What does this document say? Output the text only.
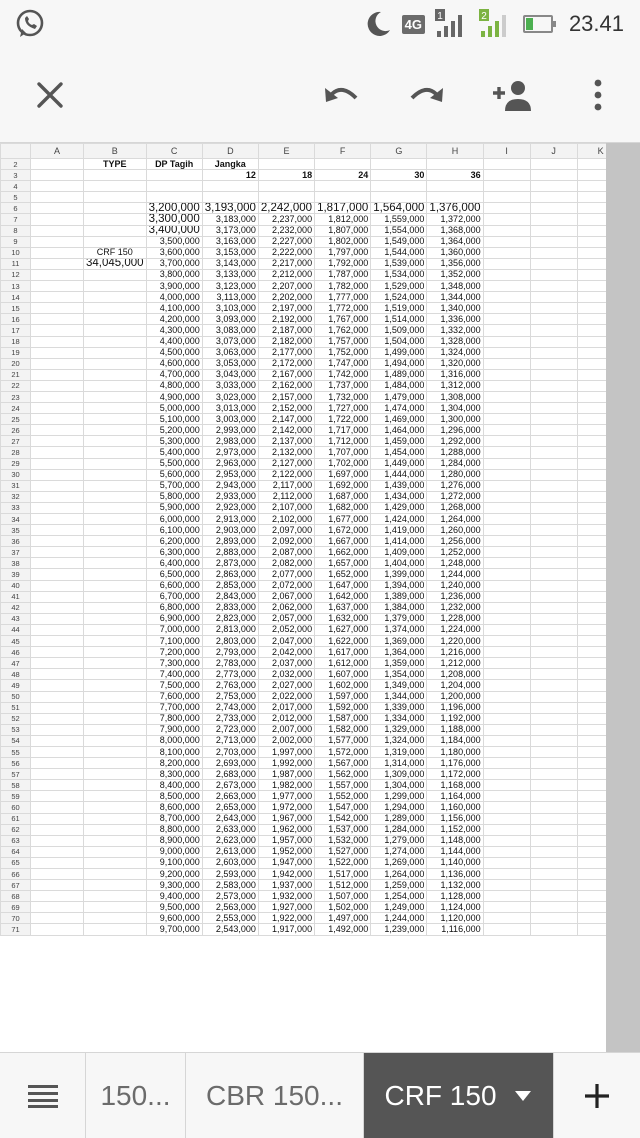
4G	1	2	23.41
	A	B	C	D	E	F	G	H	I	J	K
2		TYPE	DP Tagih	Jangka							
3				12	18	24	30	36			
4											
5											
6			3,200,000	3,193,000	2,242,000	1,817,000	1,564,000	1,376,000			
7			3,300,000	3,183,000	2,237,000	1,812,000	1,559,000	1,372,000			
8			3,400,000	3,173,000	2,232,000	1,807,000	1,554,000	1,368,000			
9			3,500,000	3,163,000	2,227,000	1,802,000	1,549,000	1,364,000			
10		CRF 150	3,600,000	3,153,000	2,222,000	1,797,000	1,544,000	1,360,000			
11		34,045,000	3,700,000	3,143,000	2,217,000	1,792,000	1,539,000	1,356,000			
12			3,800,000	3,133,000	2,212,000	1,787,000	1,534,000	1,352,000			
13			3,900,000	3,123,000	2,207,000	1,782,000	1,529,000	1,348,000			
14			4,000,000	3,113,000	2,202,000	1,777,000	1,524,000	1,344,000			
15			4,100,000	3,103,000	2,197,000	1,772,000	1,519,000	1,340,000			
16			4,200,000	3,093,000	2,192,000	1,767,000	1,514,000	1,336,000			
17			4,300,000	3,083,000	2,187,000	1,762,000	1,509,000	1,332,000			
18			4,400,000	3,073,000	2,182,000	1,757,000	1,504,000	1,328,000			
19			4,500,000	3,063,000	2,177,000	1,752,000	1,499,000	1,324,000			
20			4,600,000	3,053,000	2,172,000	1,747,000	1,494,000	1,320,000			
21			4,700,000	3,043,000	2,167,000	1,742,000	1,489,000	1,316,000			
22			4,800,000	3,033,000	2,162,000	1,737,000	1,484,000	1,312,000			
23			4,900,000	3,023,000	2,157,000	1,732,000	1,479,000	1,308,000			
24			5,000,000	3,013,000	2,152,000	1,727,000	1,474,000	1,304,000			
25			5,100,000	3,003,000	2,147,000	1,722,000	1,469,000	1,300,000			
26			5,200,000	2,993,000	2,142,000	1,717,000	1,464,000	1,296,000			
27			5,300,000	2,983,000	2,137,000	1,712,000	1,459,000	1,292,000			
28			5,400,000	2,973,000	2,132,000	1,707,000	1,454,000	1,288,000			
29			5,500,000	2,963,000	2,127,000	1,702,000	1,449,000	1,284,000			
30			5,600,000	2,953,000	2,122,000	1,697,000	1,444,000	1,280,000			
31			5,700,000	2,943,000	2,117,000	1,692,000	1,439,000	1,276,000			
32			5,800,000	2,933,000	2,112,000	1,687,000	1,434,000	1,272,000			
33			5,900,000	2,923,000	2,107,000	1,682,000	1,429,000	1,268,000			
34			6,000,000	2,913,000	2,102,000	1,677,000	1,424,000	1,264,000			
35			6,100,000	2,903,000	2,097,000	1,672,000	1,419,000	1,260,000			
36			6,200,000	2,893,000	2,092,000	1,667,000	1,414,000	1,256,000			
37			6,300,000	2,883,000	2,087,000	1,662,000	1,409,000	1,252,000			
38			6,400,000	2,873,000	2,082,000	1,657,000	1,404,000	1,248,000			
39			6,500,000	2,863,000	2,077,000	1,652,000	1,399,000	1,244,000			
40			6,600,000	2,853,000	2,072,000	1,647,000	1,394,000	1,240,000			
41			6,700,000	2,843,000	2,067,000	1,642,000	1,389,000	1,236,000			
42			6,800,000	2,833,000	2,062,000	1,637,000	1,384,000	1,232,000			
43			6,900,000	2,823,000	2,057,000	1,632,000	1,379,000	1,228,000			
44			7,000,000	2,813,000	2,052,000	1,627,000	1,374,000	1,224,000			
45			7,100,000	2,803,000	2,047,000	1,622,000	1,369,000	1,220,000			
46			7,200,000	2,793,000	2,042,000	1,617,000	1,364,000	1,216,000			
47			7,300,000	2,783,000	2,037,000	1,612,000	1,359,000	1,212,000			
48			7,400,000	2,773,000	2,032,000	1,607,000	1,354,000	1,208,000			
49			7,500,000	2,763,000	2,027,000	1,602,000	1,349,000	1,204,000			
50			7,600,000	2,753,000	2,022,000	1,597,000	1,344,000	1,200,000			
51			7,700,000	2,743,000	2,017,000	1,592,000	1,339,000	1,196,000			
52			7,800,000	2,733,000	2,012,000	1,587,000	1,334,000	1,192,000			
53			7,900,000	2,723,000	2,007,000	1,582,000	1,329,000	1,188,000			
54			8,000,000	2,713,000	2,002,000	1,577,000	1,324,000	1,184,000			
55			8,100,000	2,703,000	1,997,000	1,572,000	1,319,000	1,180,000			
56			8,200,000	2,693,000	1,992,000	1,567,000	1,314,000	1,176,000			
57			8,300,000	2,683,000	1,987,000	1,562,000	1,309,000	1,172,000			
58			8,400,000	2,673,000	1,982,000	1,557,000	1,304,000	1,168,000			
59			8,500,000	2,663,000	1,977,000	1,552,000	1,299,000	1,164,000			
60			8,600,000	2,653,000	1,972,000	1,547,000	1,294,000	1,160,000			
61			8,700,000	2,643,000	1,967,000	1,542,000	1,289,000	1,156,000			
62			8,800,000	2,633,000	1,962,000	1,537,000	1,284,000	1,152,000			
63			8,900,000	2,623,000	1,957,000	1,532,000	1,279,000	1,148,000			
64			9,000,000	2,613,000	1,952,000	1,527,000	1,274,000	1,144,000			
65			9,100,000	2,603,000	1,947,000	1,522,000	1,269,000	1,140,000			
66			9,200,000	2,593,000	1,942,000	1,517,000	1,264,000	1,136,000			
67			9,300,000	2,583,000	1,937,000	1,512,000	1,259,000	1,132,000			
68			9,400,000	2,573,000	1,932,000	1,507,000	1,254,000	1,128,000			
69			9,500,000	2,563,000	1,927,000	1,502,000	1,249,000	1,124,000			
70			9,600,000	2,553,000	1,922,000	1,497,000	1,244,000	1,120,000			
71			9,700,000	2,543,000	1,917,000	1,492,000	1,239,000	1,116,000			
150... CBR 150... CRF 150
